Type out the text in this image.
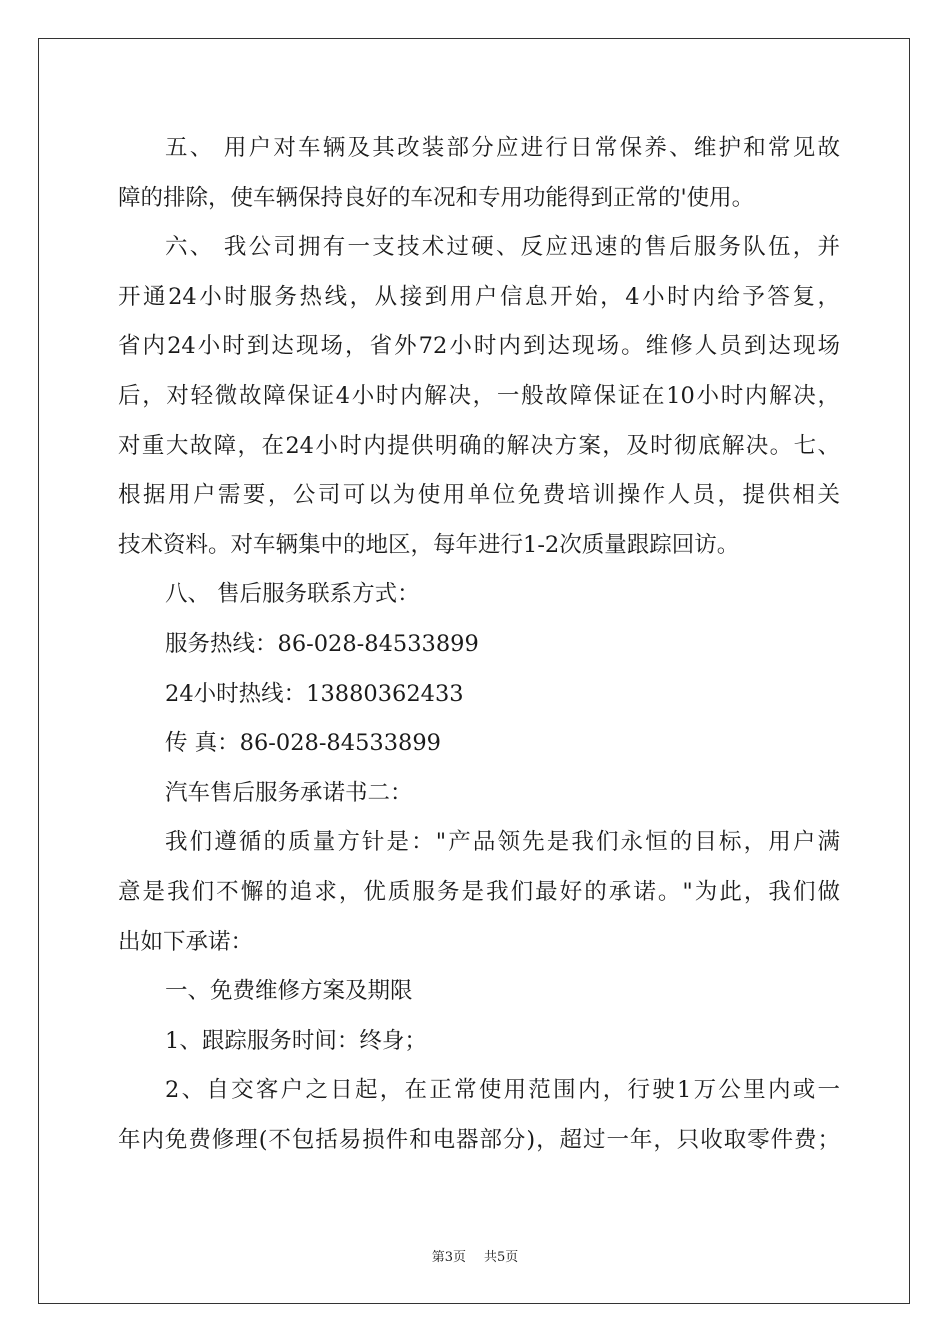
五、 用户对车辆及其改装部分应进行日常保养、维护和常见故
障的排除，使车辆保持良好的车况和专用功能得到正常的'使用。
六、 我公司拥有一支技术过硬、反应迅速的售后服务队伍，并
开通24小时服务热线，从接到用户信息开始，4小时内给予答复，
省内24小时到达现场，省外72小时内到达现场。维修人员到达现场
后，对轻微故障保证4小时内解决，一般故障保证在10小时内解决，
对重大故障，在24小时内提供明确的解决方案，及时彻底解决。七、
根据用户需要，公司可以为使用单位免费培训操作人员，提供相关
技术资料。对车辆集中的地区，每年进行1-2次质量跟踪回访。
八、 售后服务联系方式：
服务热线：86-028-84533899
24小时热线：13880362433
传 真：86-028-84533899
汽车售后服务承诺书二：
我们遵循的质量方针是："产品领先是我们永恒的目标，用户满
意是我们不懈的追求，优质服务是我们最好的承诺。"为此，我们做
出如下承诺：
一、免费维修方案及期限
1、跟踪服务时间：终身；
2、自交客户之日起，在正常使用范围内，行驶1万公里内或一
年内免费修理(不包括易损件和电器部分)，超过一年，只收取零件费；
第3页 共5页
